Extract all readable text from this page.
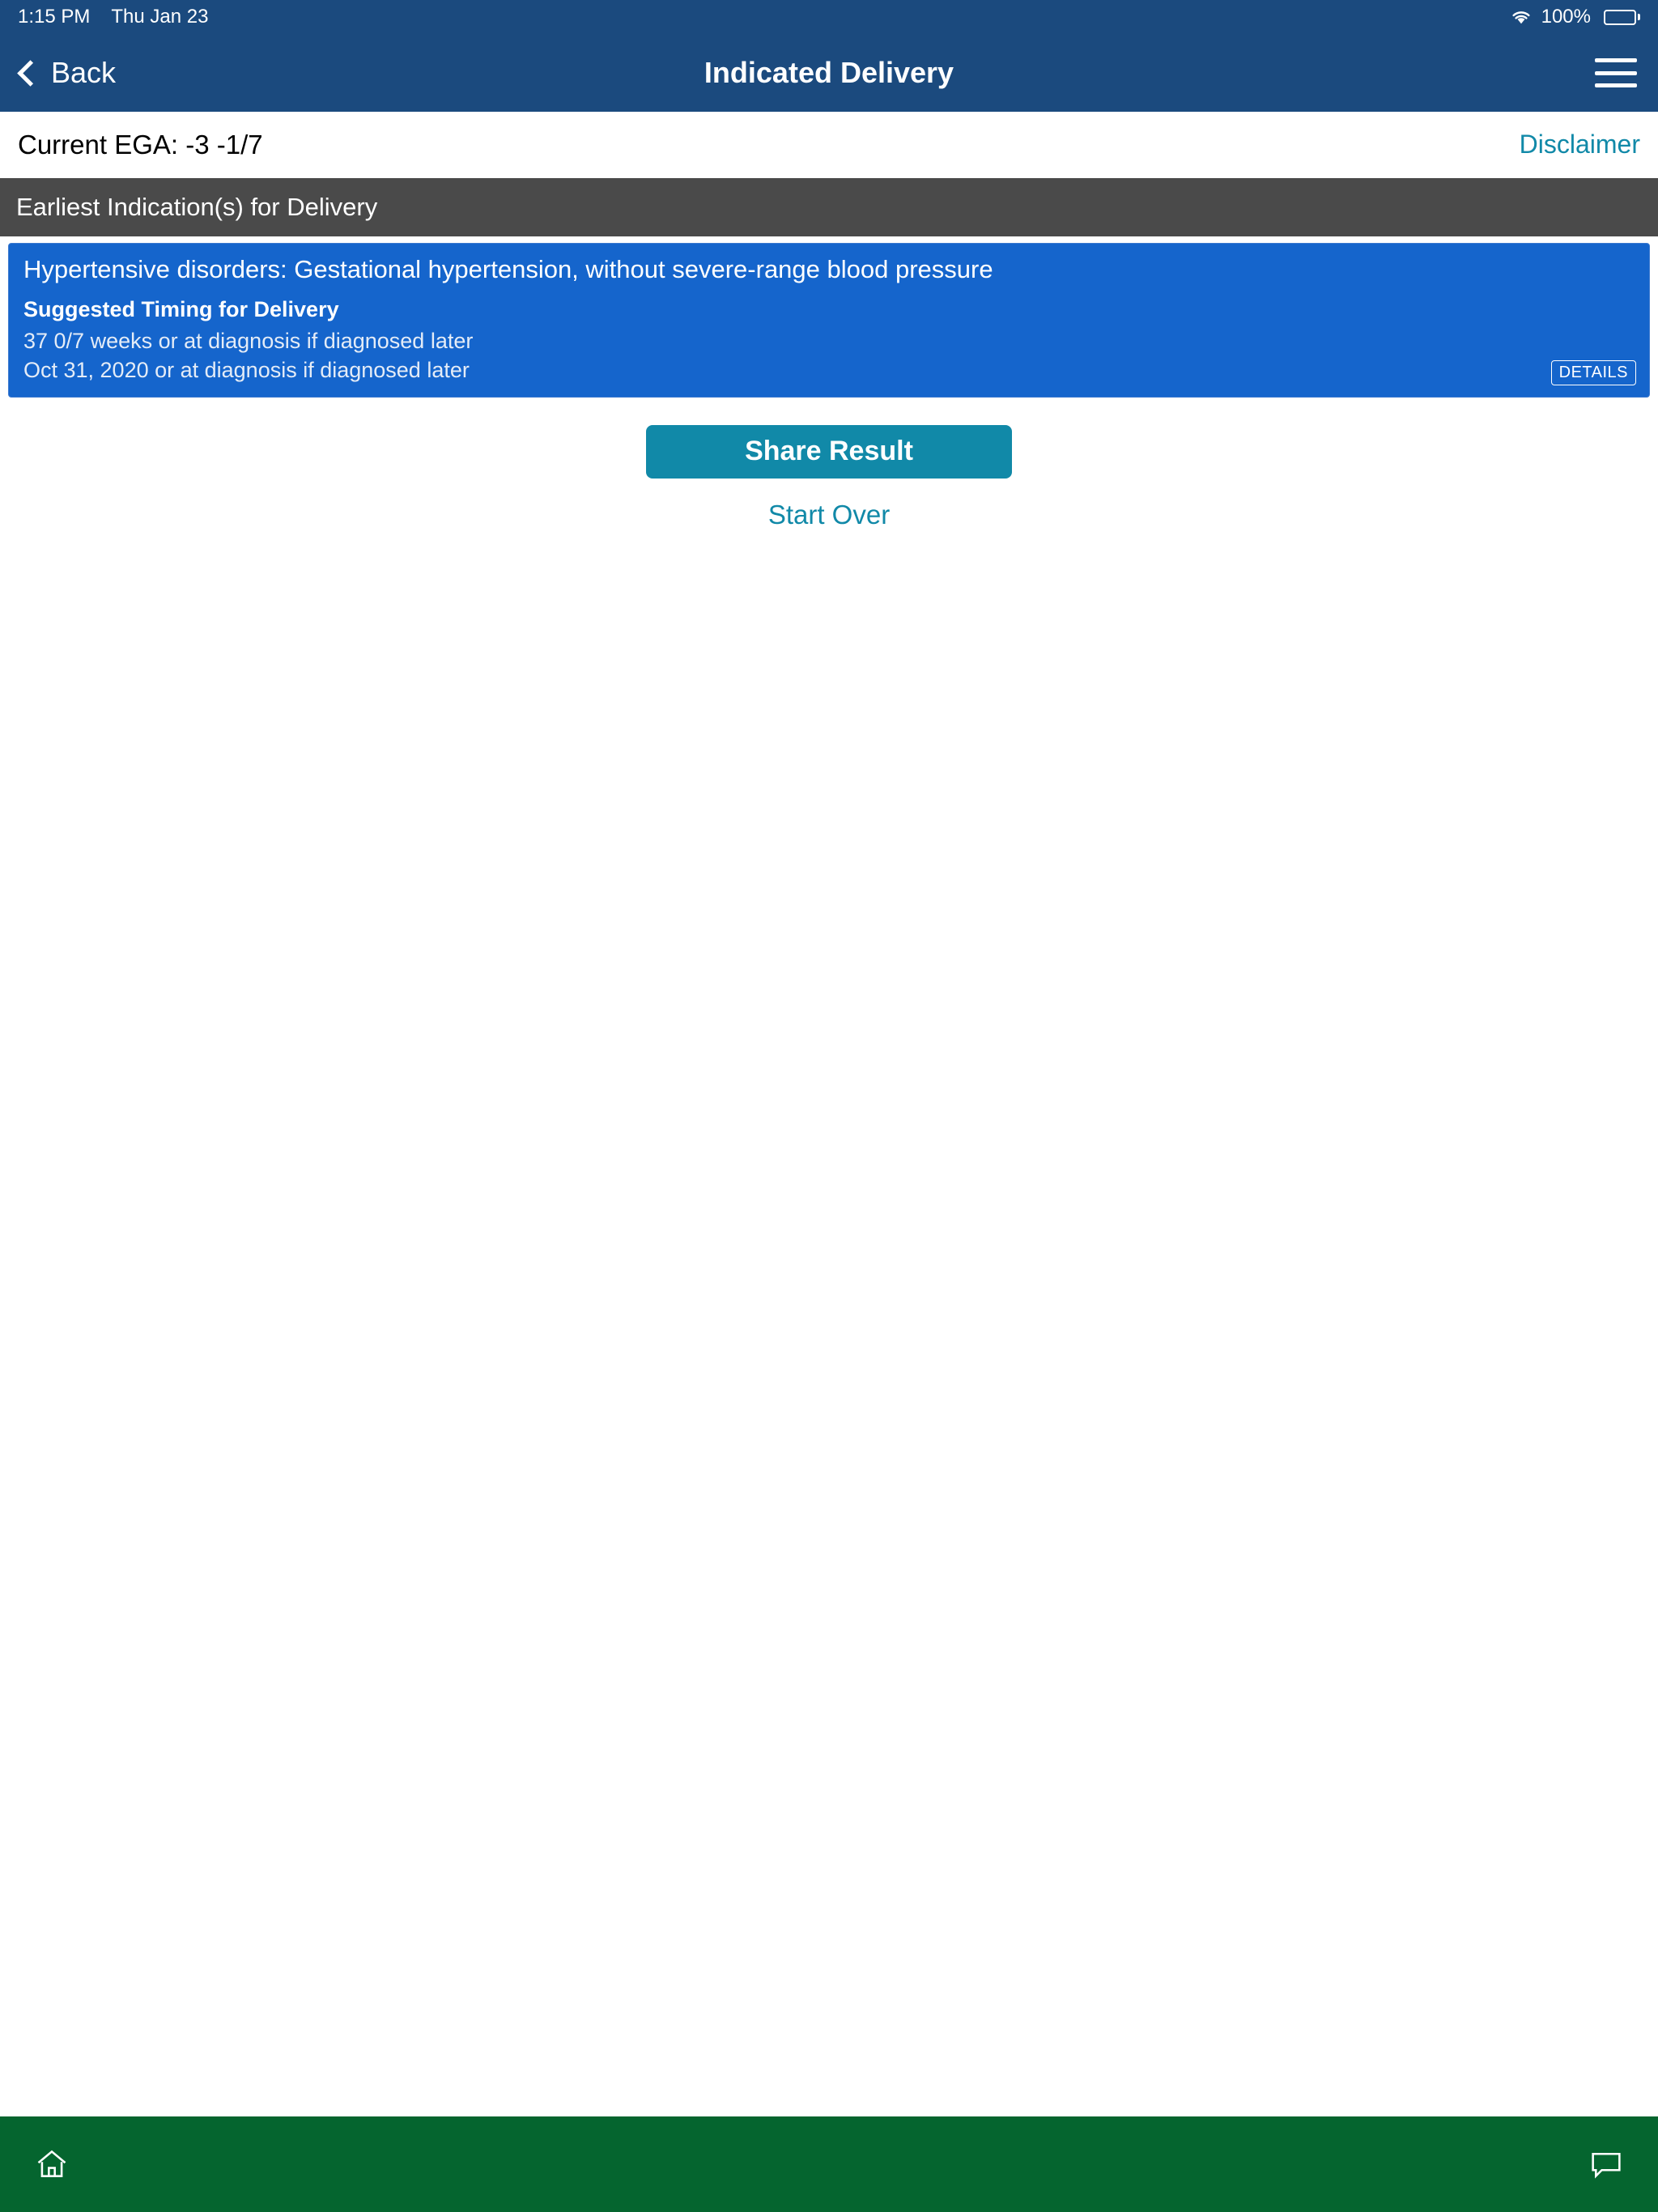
1:15 PM Thu Jan 23	100%
Back	Indicated Delivery
Current EGA: -3 -1/7	Disclaimer
Earliest Indication(s) for Delivery
Hypertensive disorders: Gestational hypertension, without severe-range blood pressure
Suggested Timing for Delivery
37 0/7 weeks or at diagnosis if diagnosed later
Oct 31, 2020 or at diagnosis if diagnosed later	DETAILS
Share Result
Start Over
